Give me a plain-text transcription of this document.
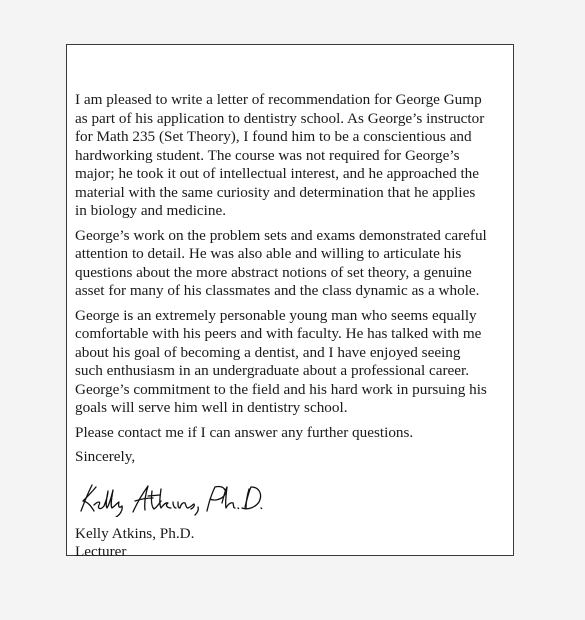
I am pleased to write a letter of recommendation for George Gump
as part of his application to dentistry school. As George’s instructor
for Math 235 (Set Theory), I found him to be a conscientious and
hardworking student. The course was not required for George’s
major; he took it out of intellectual interest, and he approached the
material with the same curiosity and determination that he applies
in biology and medicine.

George’s work on the problem sets and exams demonstrated careful
attention to detail. He was also able and willing to articulate his
questions about the more abstract notions of set theory, a genuine
asset for many of his classmates and the class dynamic as a whole.

George is an extremely personable young man who seems equally
comfortable with his peers and with faculty. He has talked with me
about his goal of becoming a dentist, and I have enjoyed seeing
such enthusiasm in an undergraduate about a professional career.
George’s commitment to the field and his hard work in pursuing his
goals will serve him well in dentistry school.

Please contact me if I can answer any further questions.

Sincerely,

Kelly Atkins, Ph.D.

Lecturer
